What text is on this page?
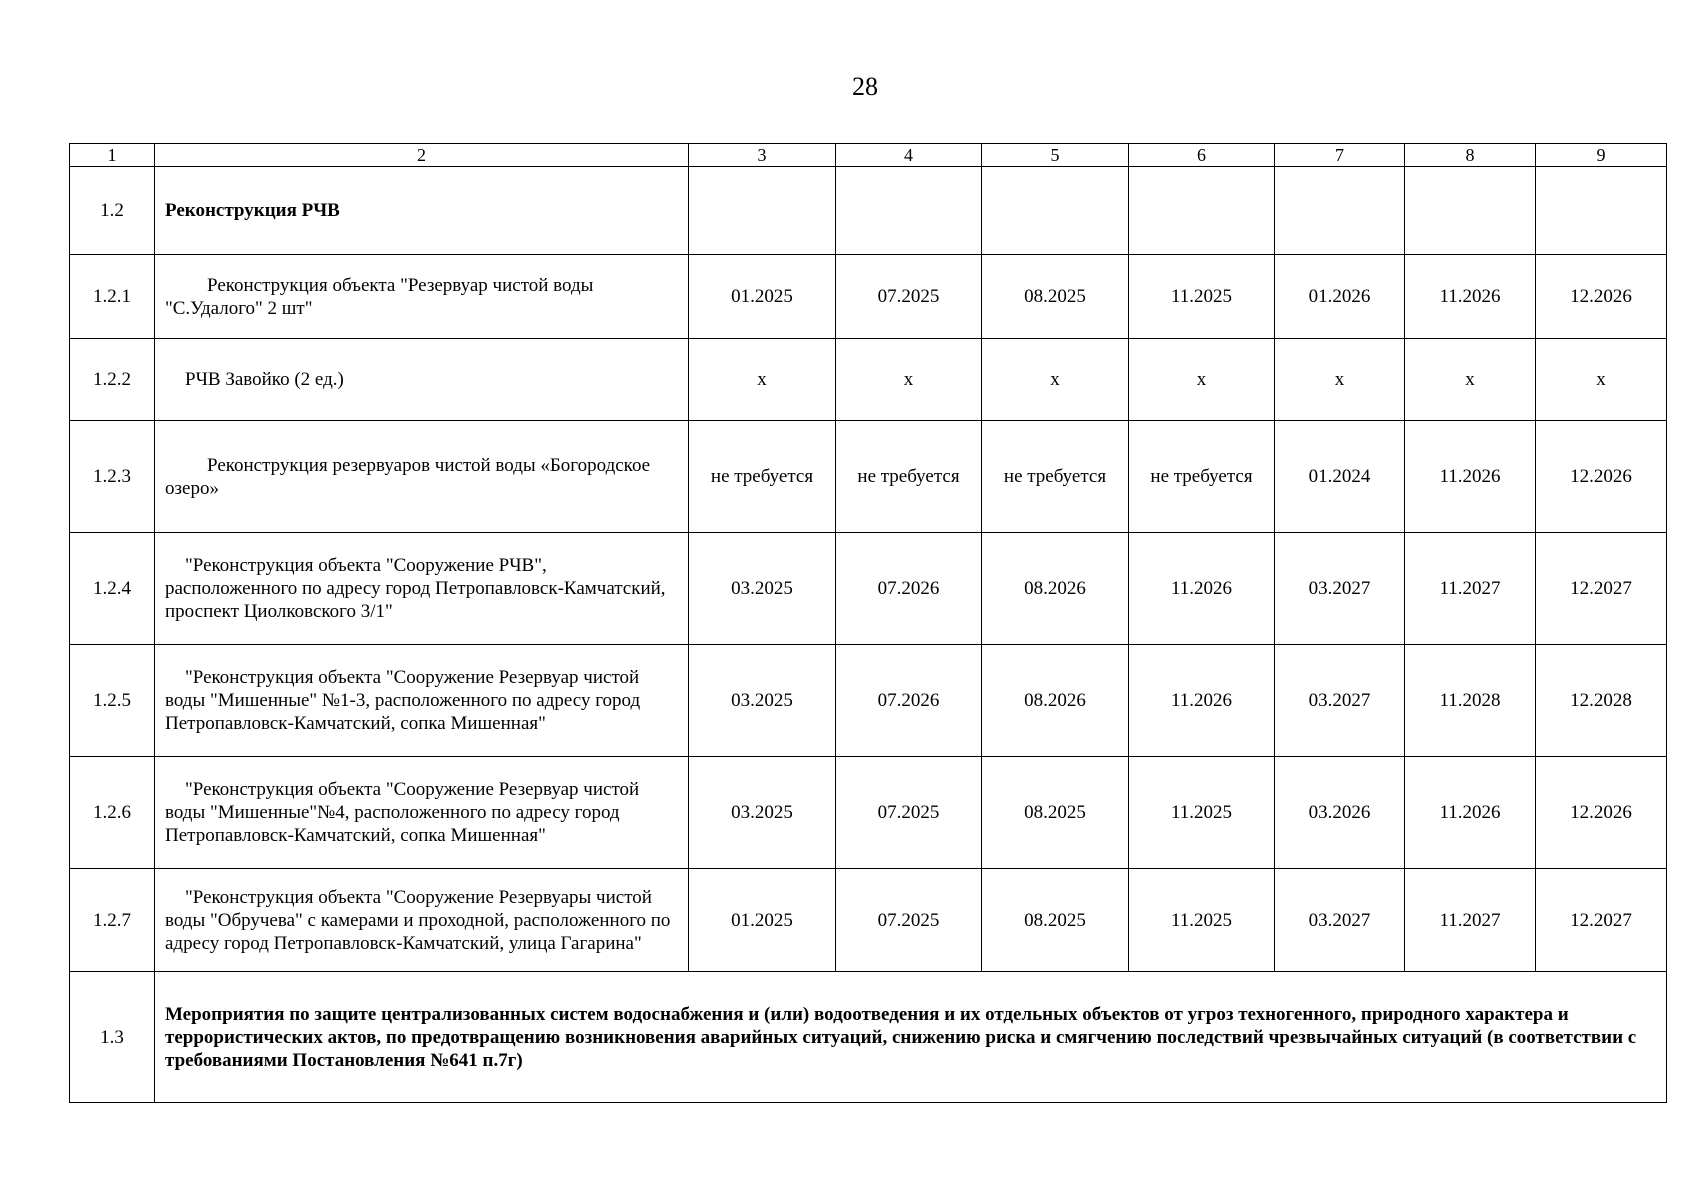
28
1	2	3	4	5	6	7	8	9
1.2	Реконструкция РЧВ							
1.2.1	Реконструкция объекта "Резервуар чистой воды "С.Удалого" 2 шт"	01.2025	07.2025	08.2025	11.2025	01.2026	11.2026	12.2026
1.2.2	РЧВ Завойко (2 ед.)	х	х	х	х	х	х	х
1.2.3	Реконструкция резервуаров чистой воды «Богородское озеро»	не требуется	не требуется	не требуется	не требуется	01.2024	11.2026	12.2026
1.2.4	"Реконструкция объекта "Сооружение РЧВ", расположенного по адресу город Петропавловск-Камчатский, проспект Циолковского 3/1"	03.2025	07.2026	08.2026	11.2026	03.2027	11.2027	12.2027
1.2.5	"Реконструкция объекта "Сооружение Резервуар чистой воды "Мишенные" №1-3, расположенного по адресу город Петропавловск-Камчатский, сопка Мишенная"	03.2025	07.2026	08.2026	11.2026	03.2027	11.2028	12.2028
1.2.6	"Реконструкция объекта "Сооружение Резервуар чистой воды "Мишенные"№4, расположенного по адресу город Петропавловск-Камчатский, сопка Мишенная"	03.2025	07.2025	08.2025	11.2025	03.2026	11.2026	12.2026
1.2.7	"Реконструкция объекта "Сооружение Резервуары чистой воды "Обручева" с камерами и проходной, расположенного по адресу город Петропавловск-Камчатский, улица Гагарина"	01.2025	07.2025	08.2025	11.2025	03.2027	11.2027	12.2027
1.3	Мероприятия по защите централизованных систем водоснабжения и (или) водоотведения и их отдельных объектов от угроз техногенного, природного характера и террористических актов, по предотвращению возникновения аварийных ситуаций, снижению риска и смягчению последствий чрезвычайных ситуаций (в соответствии с требованиями Постановления №641 п.7г)							
